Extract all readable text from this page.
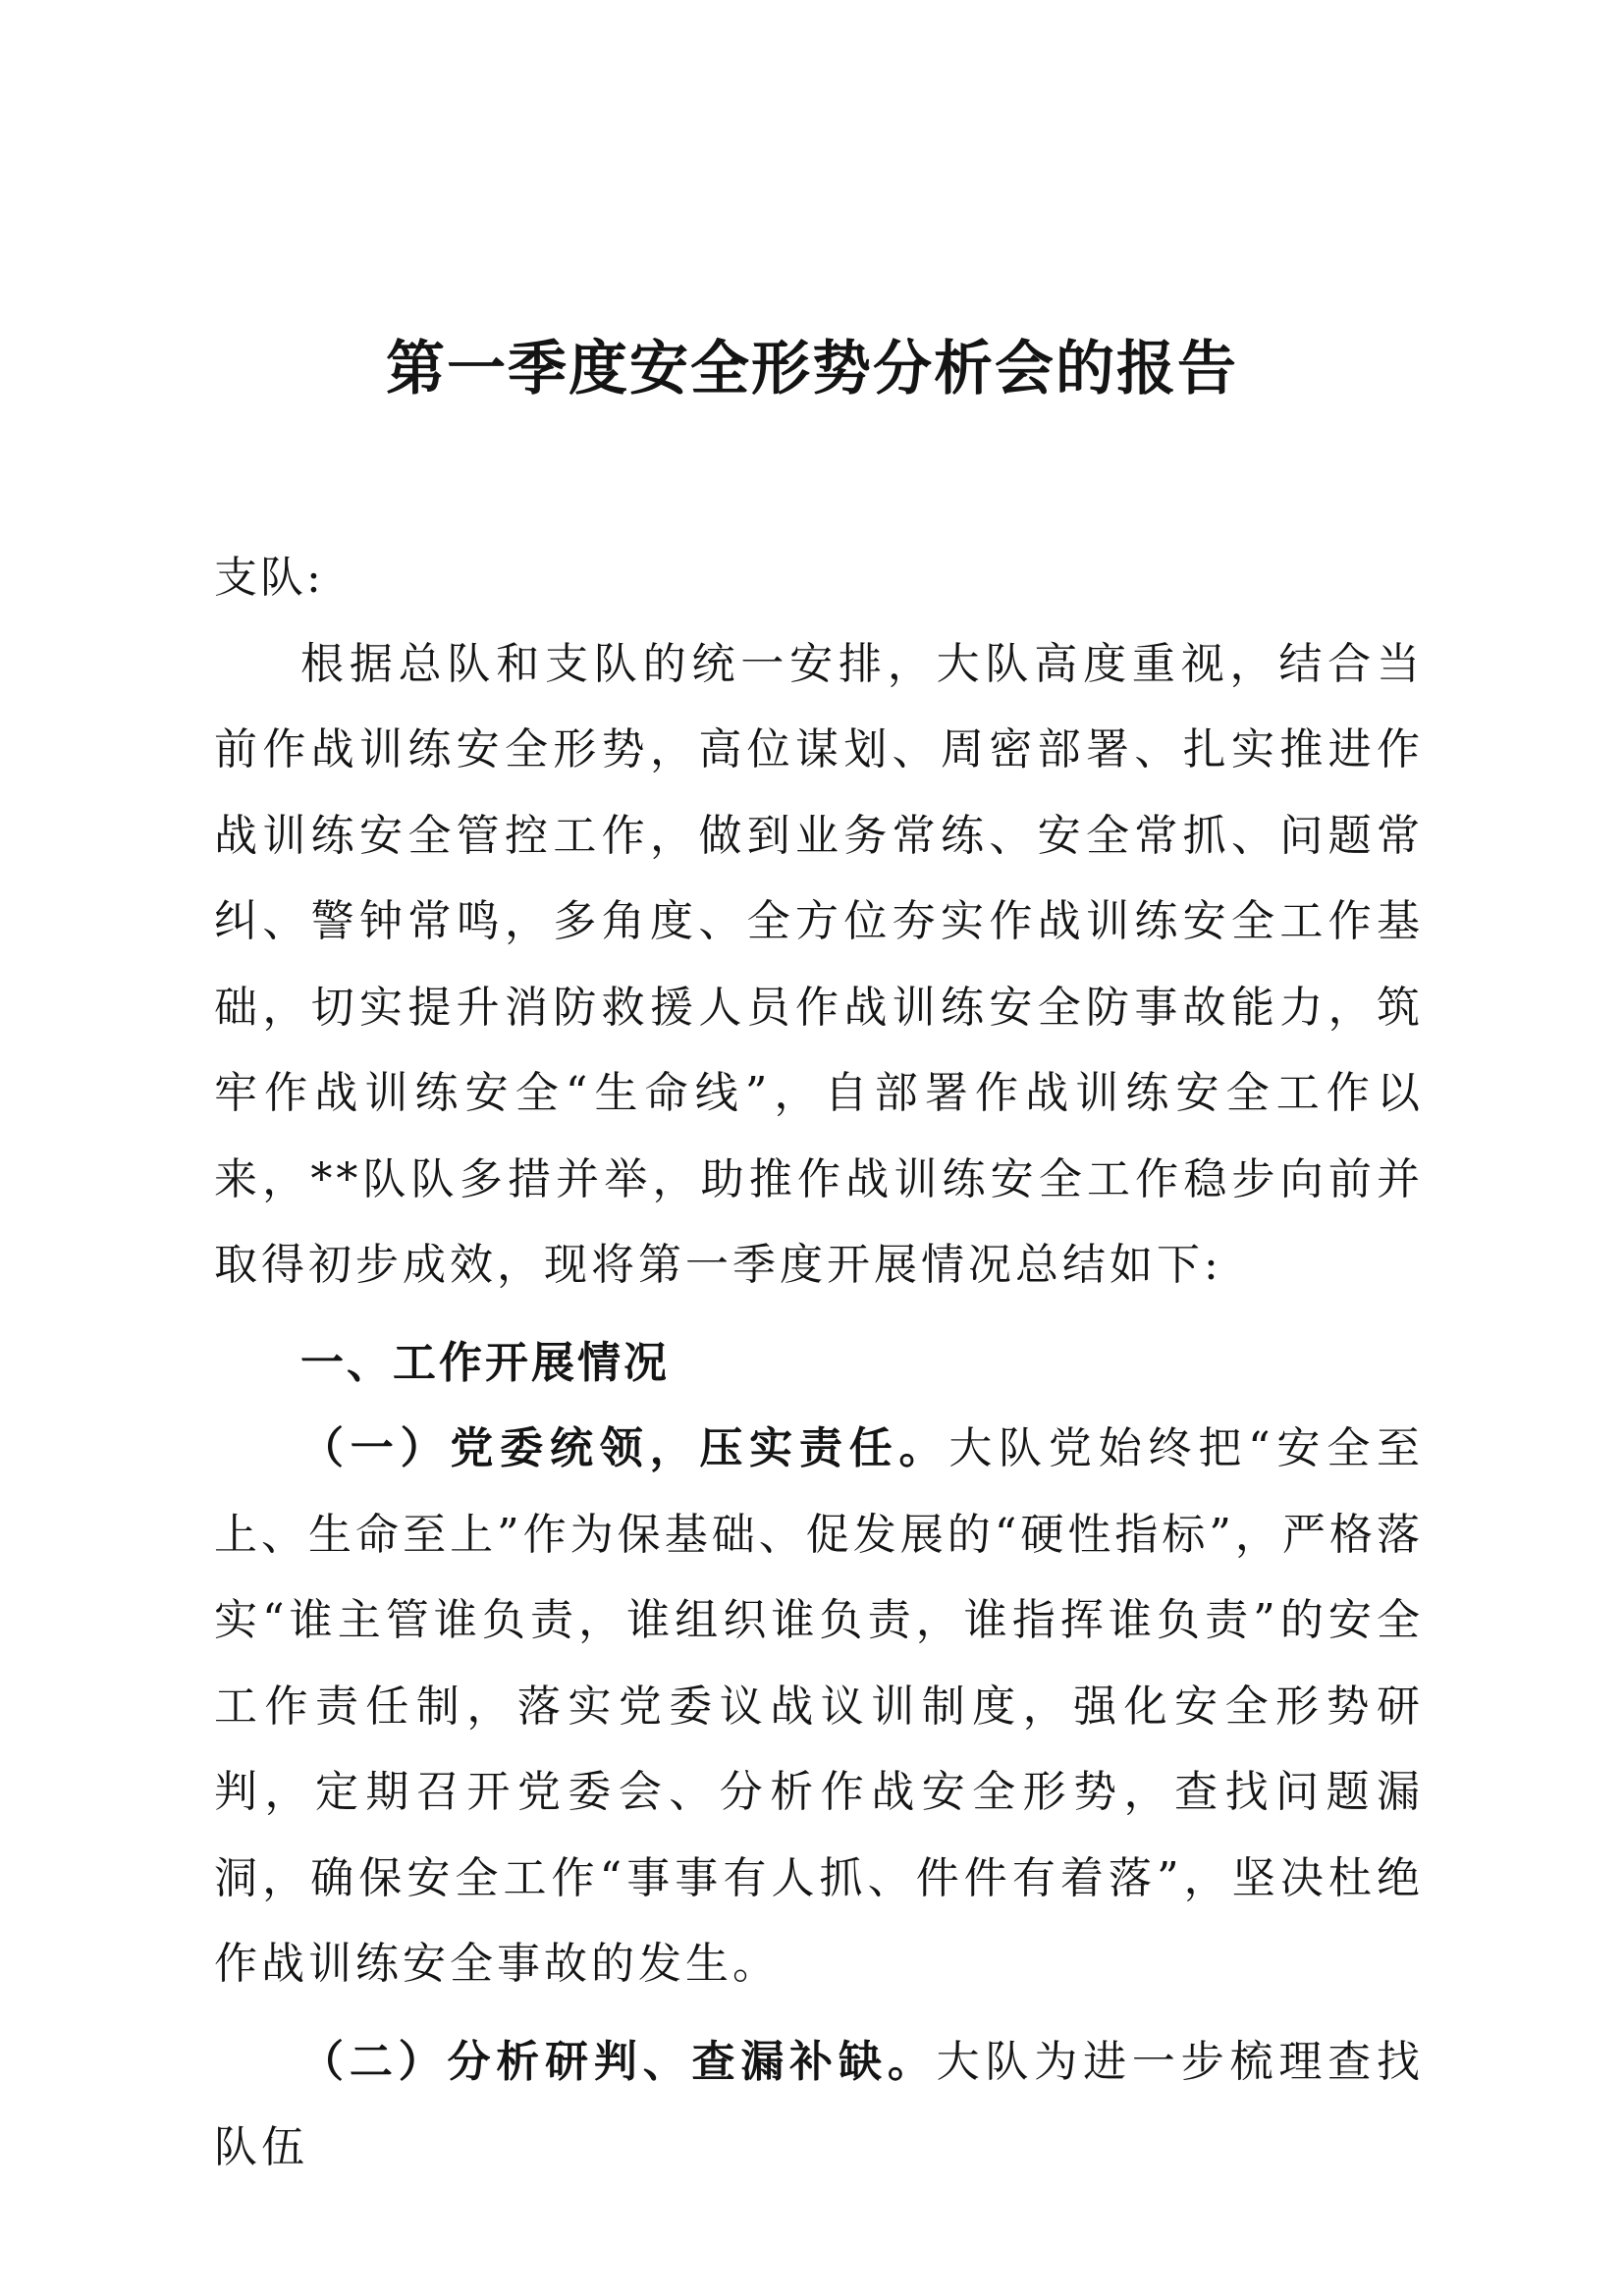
第一季度安全形势分析会的报告

支队:

根据总队和支队的统一安排，大队高度重视，结合当前作战训练安全形势，高位谋划、周密部署、扎实推进作战训练安全管控工作，做到业务常练、安全常抓、问题常纠、警钟常鸣，多角度、全方位夯实作战训练安全工作基础，切实提升消防救援人员作战训练安全防事故能力，筑牢作战训练安全“生命线”，自部署作战训练安全工作以来，**队队多措并举，助推作战训练安全工作稳步向前并取得初步成效，现将第一季度开展情况总结如下:

一、工作开展情况

（一）党委统领，压实责任。大队党始终把“安全至上、生命至上”作为保基础、促发展的“硬性指标”，严格落实“谁主管谁负责，谁组织谁负责，谁指挥谁负责”的安全工作责任制，落实党委议战议训制度，强化安全形势研判，定期召开党委会、分析作战安全形势，查找问题漏洞，确保安全工作“事事有人抓、件件有着落”，坚决杜绝作战训练安全事故的发生。

（二）分析研判、查漏补缺。大队为进一步梳理查找队伍
